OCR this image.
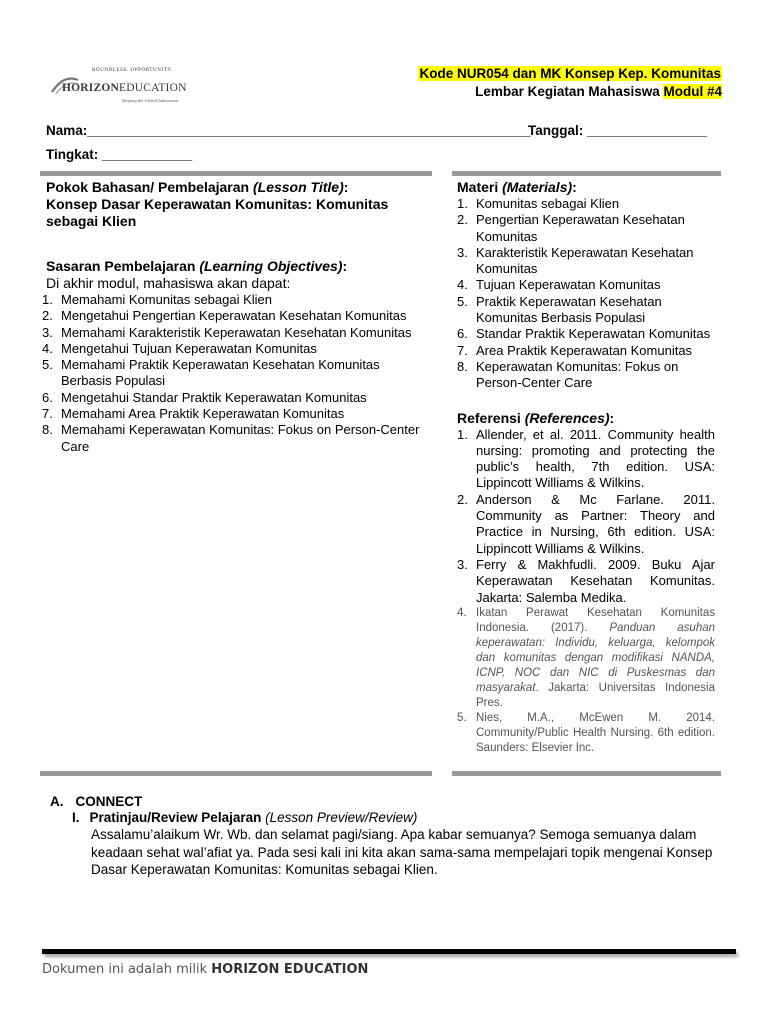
BOUNDLESS. OPPORTUNITY.
HORIZONEDUCATION
Shaping the Global Indonesian
Kode NUR054 dan MK Konsep Kep. Komunitas
Lembar Kegiatan Mahasiswa Modul #4
Nama:___________________________________________________________
Tanggal: ________________
Tingkat: ____________
Pokok Bahasan/ Pembelajaran (Lesson Title):
Konsep Dasar Keperawatan Komunitas: Komunitas sebagai Klien
Sasaran Pembelajaran (Learning Objectives):
Di akhir modul, mahasiswa akan dapat:
1. Memahami Komunitas sebagai Klien
2. Mengetahui Pengertian Keperawatan Kesehatan Komunitas
3. Memahami Karakteristik Keperawatan Kesehatan Komunitas
4. Mengetahui Tujuan Keperawatan Komunitas
5. Memahami Praktik Keperawatan Kesehatan Komunitas Berbasis Populasi
6. Mengetahui Standar Praktik Keperawatan Komunitas
7. Memahami Area Praktik Keperawatan Komunitas
8. Memahami Keperawatan Komunitas: Fokus on Person-Center Care
Materi (Materials):
1. Komunitas sebagai Klien
2. Pengertian Keperawatan Kesehatan Komunitas
3. Karakteristik Keperawatan Kesehatan Komunitas
4. Tujuan Keperawatan Komunitas
5. Praktik Keperawatan Kesehatan Komunitas Berbasis Populasi
6. Standar Praktik Keperawatan Komunitas
7. Area Praktik Keperawatan Komunitas
8. Keperawatan Komunitas: Fokus on Person-Center Care
Referensi (References):
1. Allender, et al. 2011. Community health nursing: promoting and protecting the public’s health, 7th edition. USA: Lippincott Williams & Wilkins.
2. Anderson & Mc Farlane. 2011. Community as Partner: Theory and Practice in Nursing, 6th edition. USA: Lippincott Williams & Wilkins.
3. Ferry & Makhfudli. 2009. Buku Ajar Keperawatan Kesehatan Komunitas. Jakarta: Salemba Medika.
4. Ikatan Perawat Kesehatan Komunitas Indonesia. (2017). Panduan asuhan keperawatan: Individu, keluarga, kelompok dan komunitas dengan modifikasi NANDA, ICNP, NOC dan NIC di Puskesmas dan masyarakat. Jakarta: Universitas Indonesia Pres.
5. Nies, M.A., McEwen M. 2014. Community/Public Health Nursing. 6th edition. Saunders: Elsevier Inc.
A. CONNECT
I. Pratinjau/Review Pelajaran (Lesson Preview/Review)
Assalamu’alaikum Wr. Wb. dan selamat pagi/siang. Apa kabar semuanya? Semoga semuanya dalam keadaan sehat wal’afiat ya. Pada sesi kali ini kita akan sama-sama mempelajari topik mengenai Konsep Dasar Keperawatan Komunitas: Komunitas sebagai Klien.
Dokumen ini adalah milik HORIZON EDUCATION
